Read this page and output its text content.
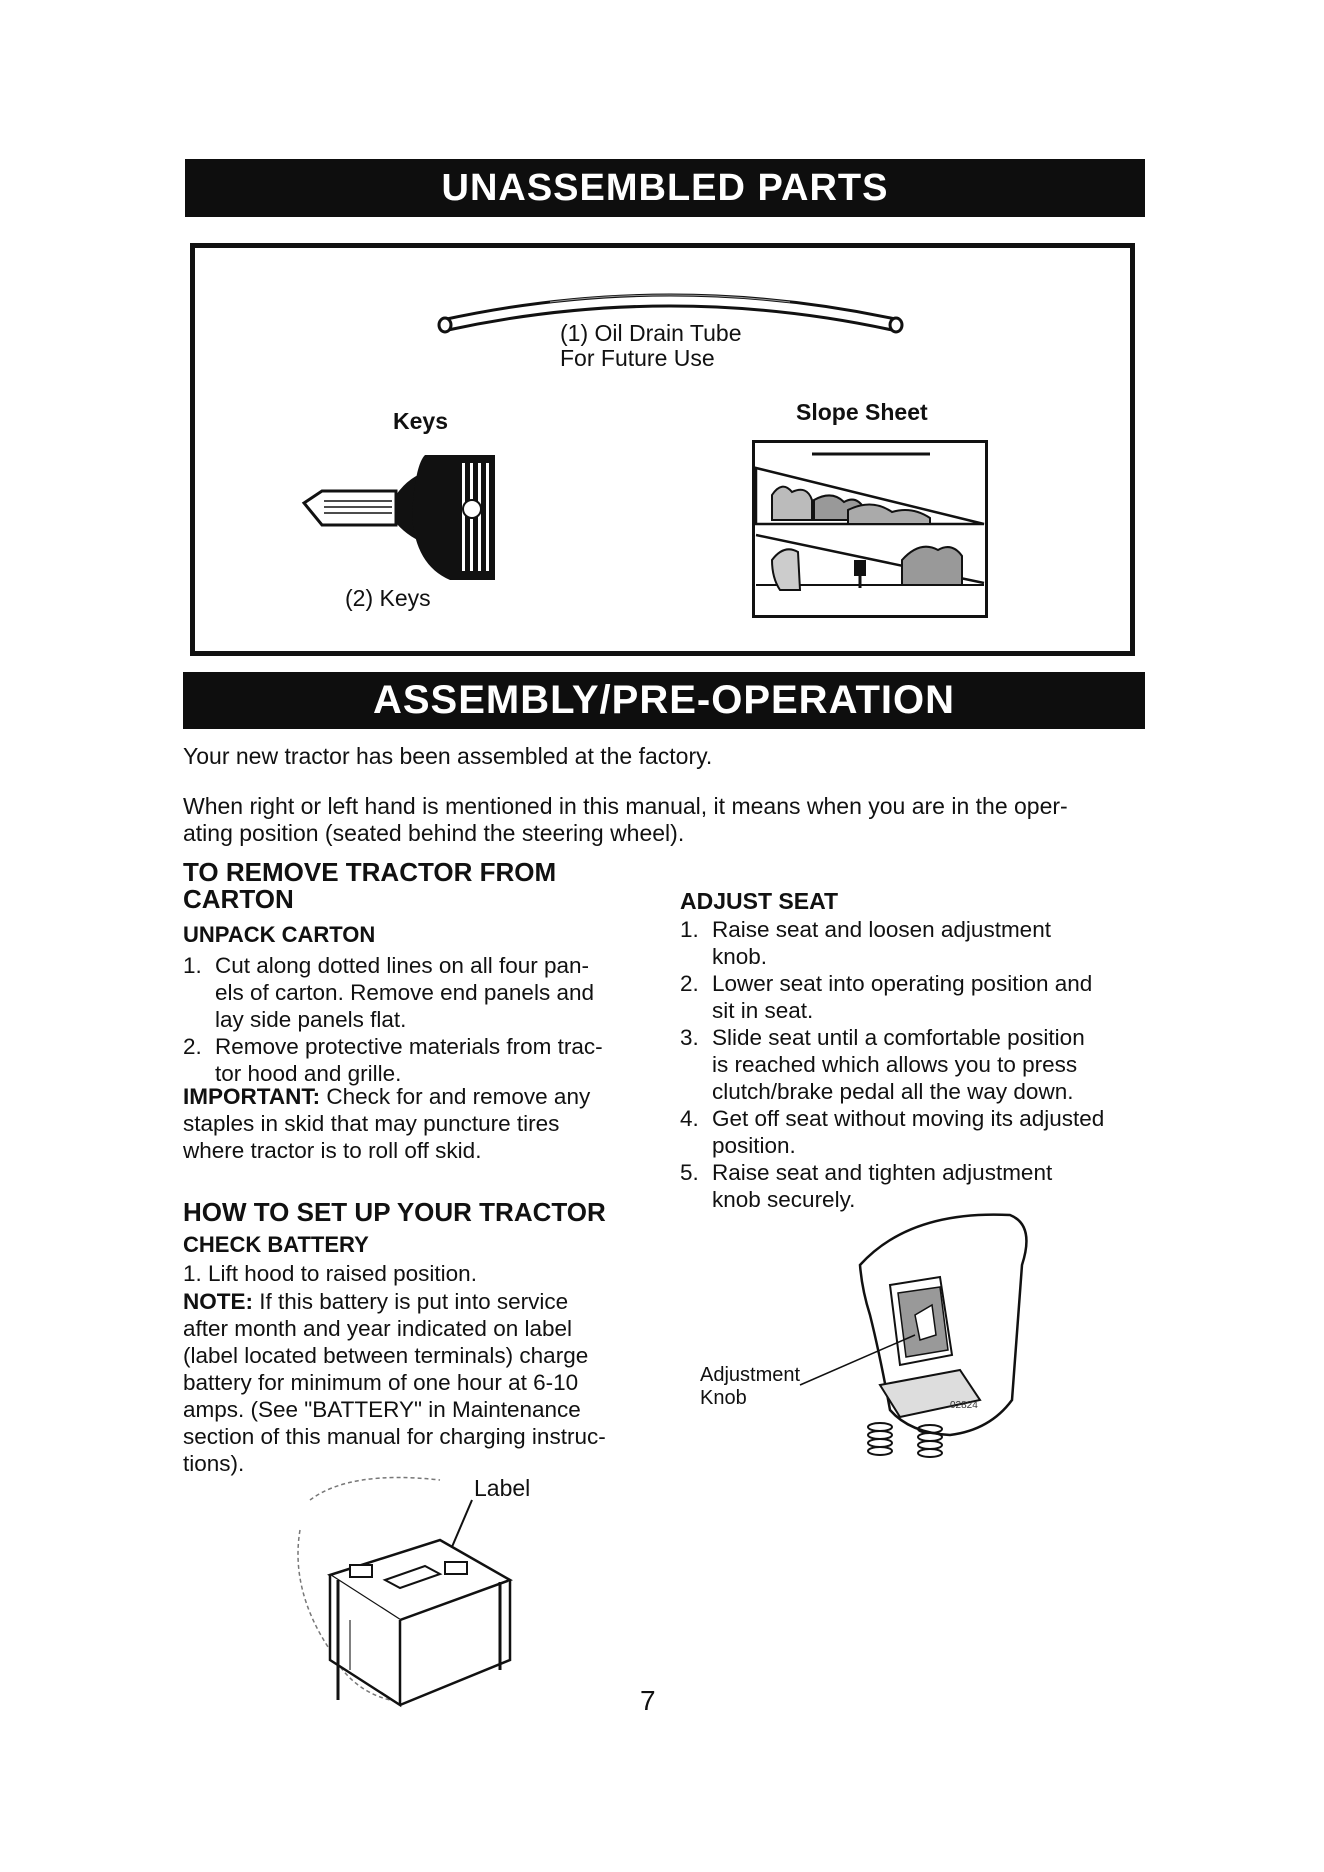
UNASSEMBLED PARTS
(1) Oil Drain Tube
For Future Use
Keys
(2) Keys
Slope Sheet
ASSEMBLY/PRE-OPERATION

Your new tractor has been assembled at the factory.

When right or left hand is mentioned in this manual, it means when you are in the oper-

ating position (seated behind the steering wheel).

TO REMOVE TRACTOR FROM
CARTON
UNPACK CARTON
1. Cut along dotted lines on all four pan-
els of carton. Remove end panels and
lay side panels flat.
2. Remove protective materials from trac-
tor hood and grille.
IMPORTANT: Check for and remove any
staples in skid that may puncture tires
where tractor is to roll off skid.
HOW TO SET UP YOUR TRACTOR
CHECK BATTERY
1. Lift hood to raised position.
NOTE: If this battery is put into service
after month and year indicated on label
(label located between terminals) charge
battery for minimum of one hour at 6-10
amps. (See "BATTERY" in Maintenance
section of this manual for charging instruc-
tions).
Label
ADJUST SEAT
1. Raise seat and loosen adjustment
knob.
2. Lower seat into operating position and
sit in seat.
3. Slide seat until a comfortable position
is reached which allows you to press
clutch/brake pedal all the way down.
4. Get off seat without moving its adjusted
position.
5. Raise seat and tighten adjustment
knob securely.
Adjustment
Knob	02824
7
